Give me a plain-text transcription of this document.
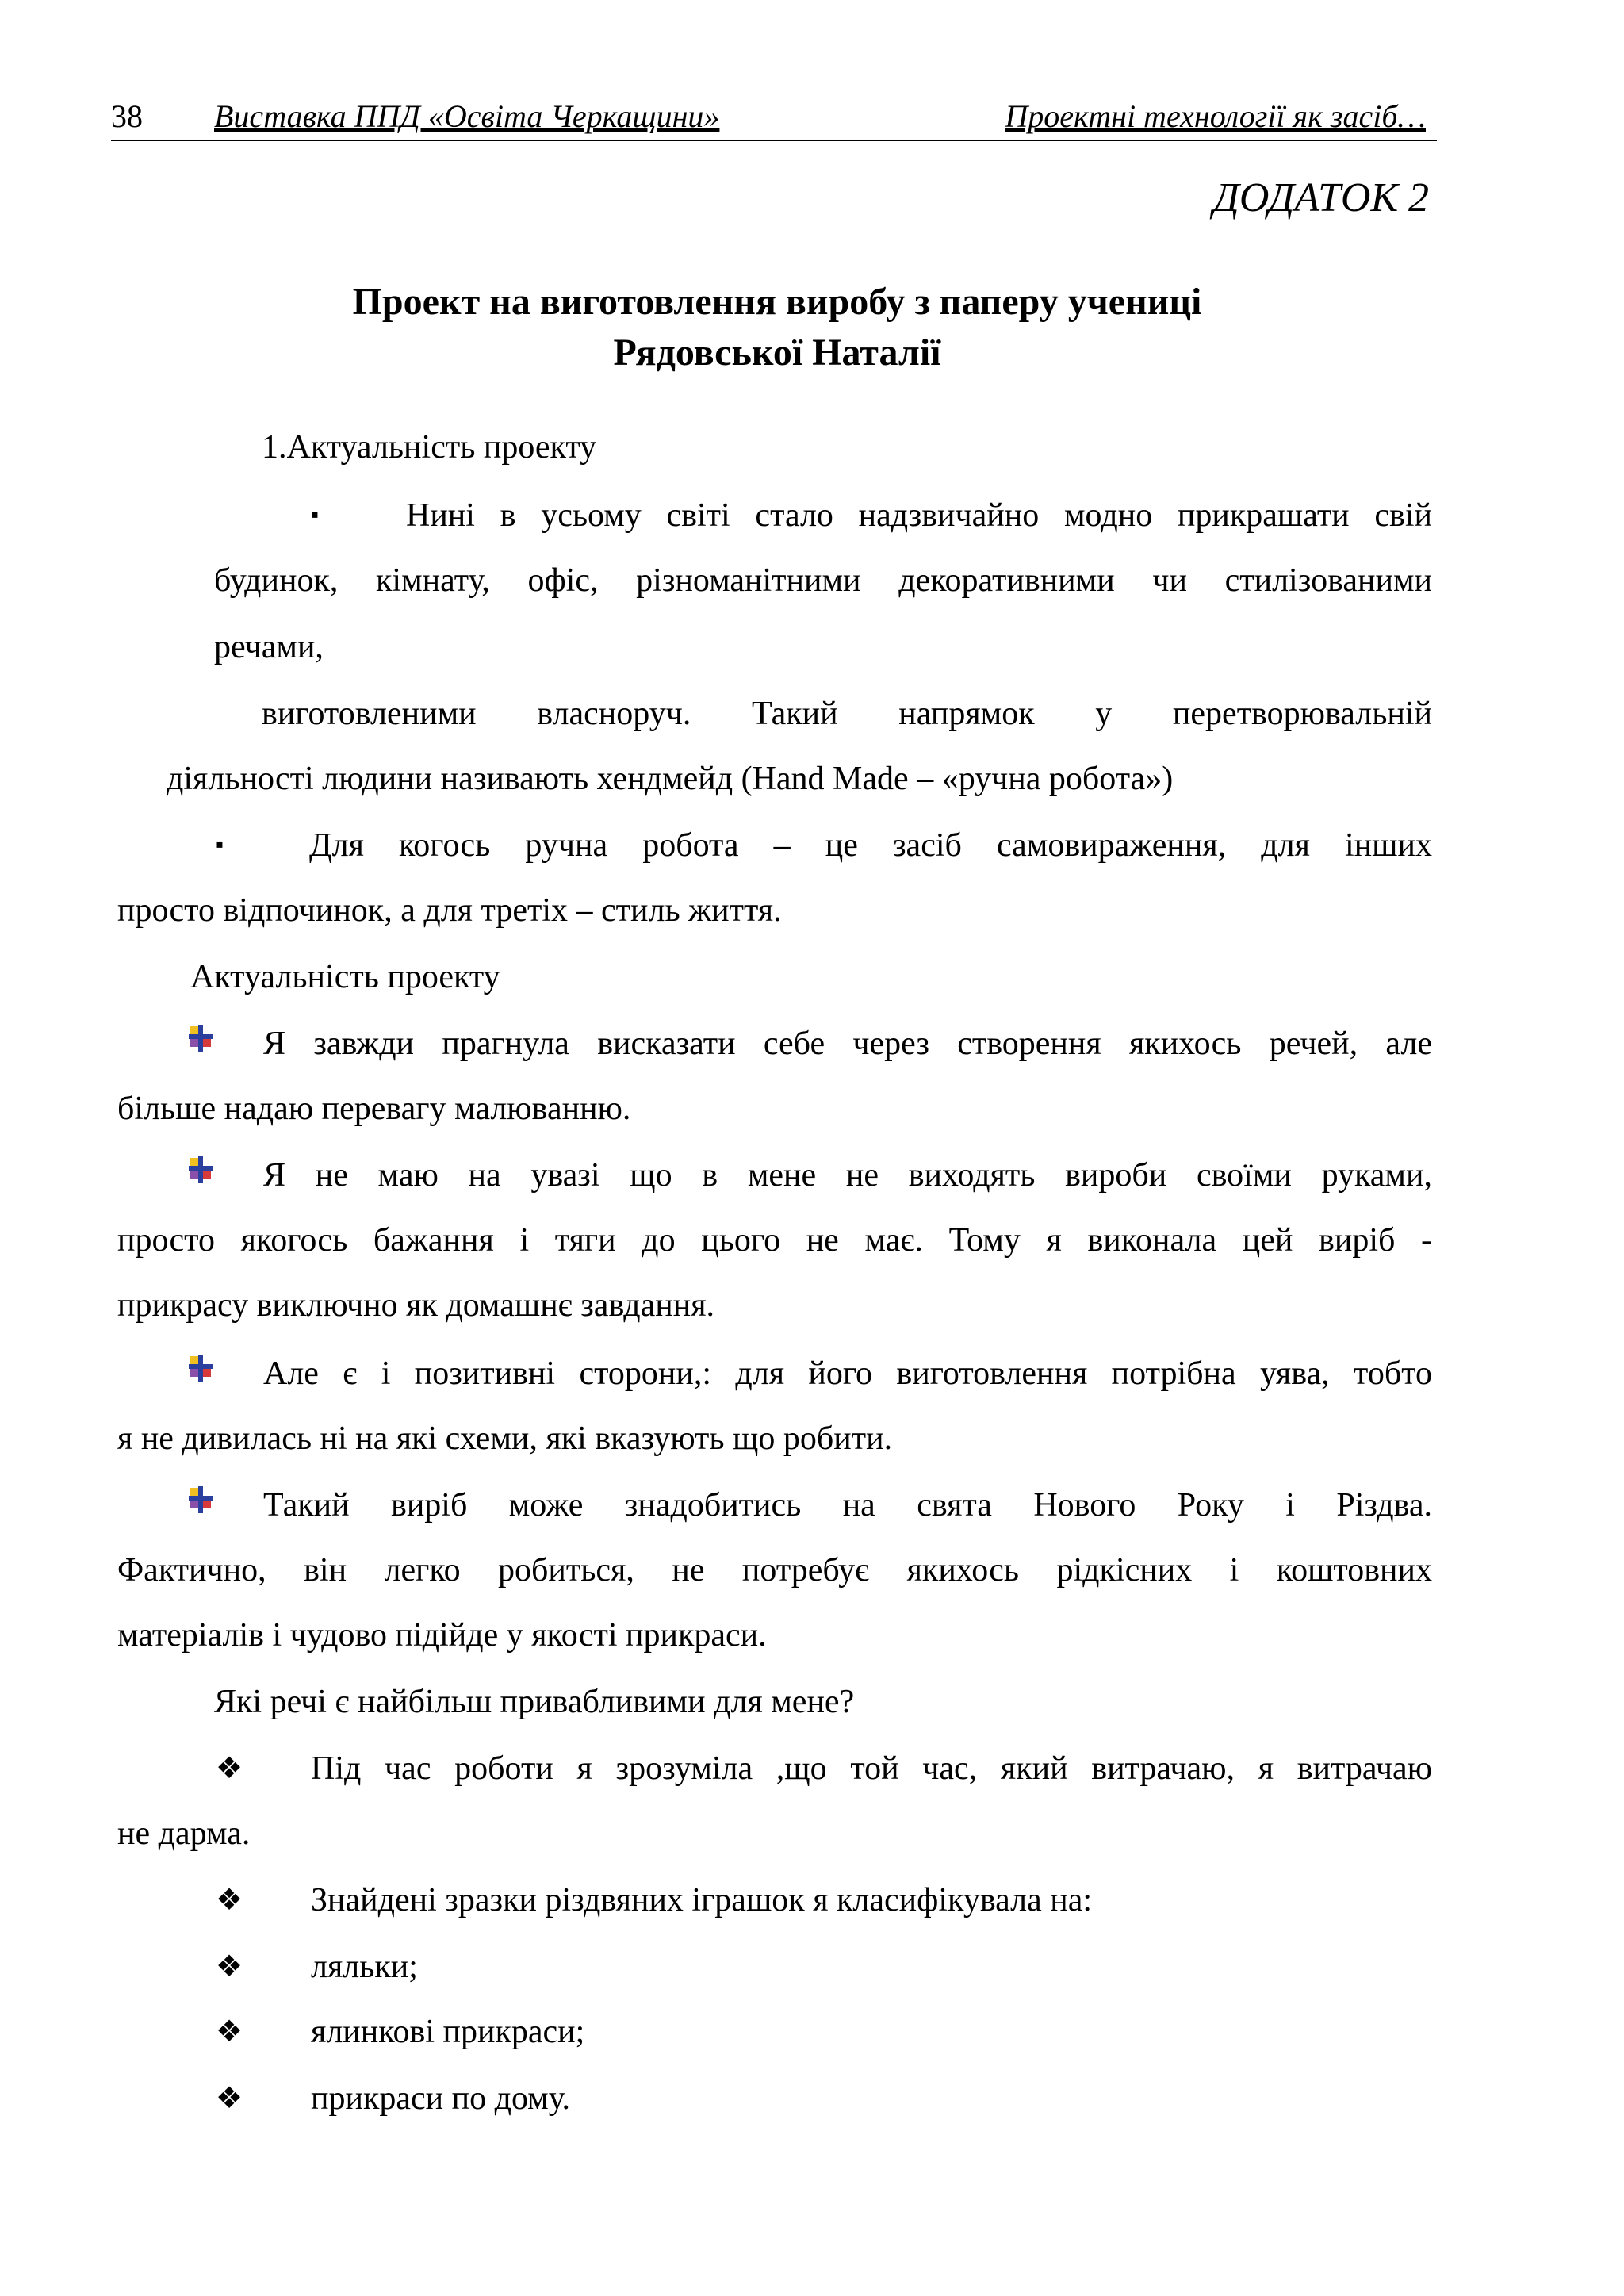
38 Виставка ППД «Освіта Черкащини»	Проектні технології як засіб…
ДОДАТОК 2
Проект на виготовлення виробу з паперу учениці
Рядовської Наталії
1.Актуальність проекту
▪	Нині в усьому світі стало надзвичайно модно прикрашати свій
будинок, кімнату, офіс, різноманітними декоративними чи стилізованими
речами,
виготовленими власноруч. Такий напрямок у перетворювальній
діяльності людини називають хендмейд (Hand Made – «ручна робота»)
▪	Для когось ручна робота – це засіб самовираження, для інших
просто відпочинок, а для третіх – стиль життя.
Актуальність проекту
Я завжди прагнула висказати себе через створення якихось речей, але
більше надаю перевагу малюванню.
Я не маю на увазі що в мене не виходять вироби своїми руками,
просто якогось бажання і тяги до цього не має. Тому я виконала цей виріб -
прикрасу виключно як домашнє завдання.
Але є і позитивні сторони,: для його виготовлення потрібна уява, тобто
я не дивилась ні на які схеми, які вказують що робити.
Такий виріб може знадобитись на свята Нового Року і Різдва.
Фактично, він легко робиться, не потребує якихось рідкісних і коштовних
матеріалів і чудово підійде у якості прикраси.
Які речі є найбільш привабливими для мене?
❖ Під час роботи я зрозуміла ,що той час, який витрачаю, я витрачаю
не дарма.
❖ Знайдені зразки різдвяних іграшок я класифікувала на:
❖ ляльки;
❖ ялинкові прикраси;
❖ прикраси по дому.
